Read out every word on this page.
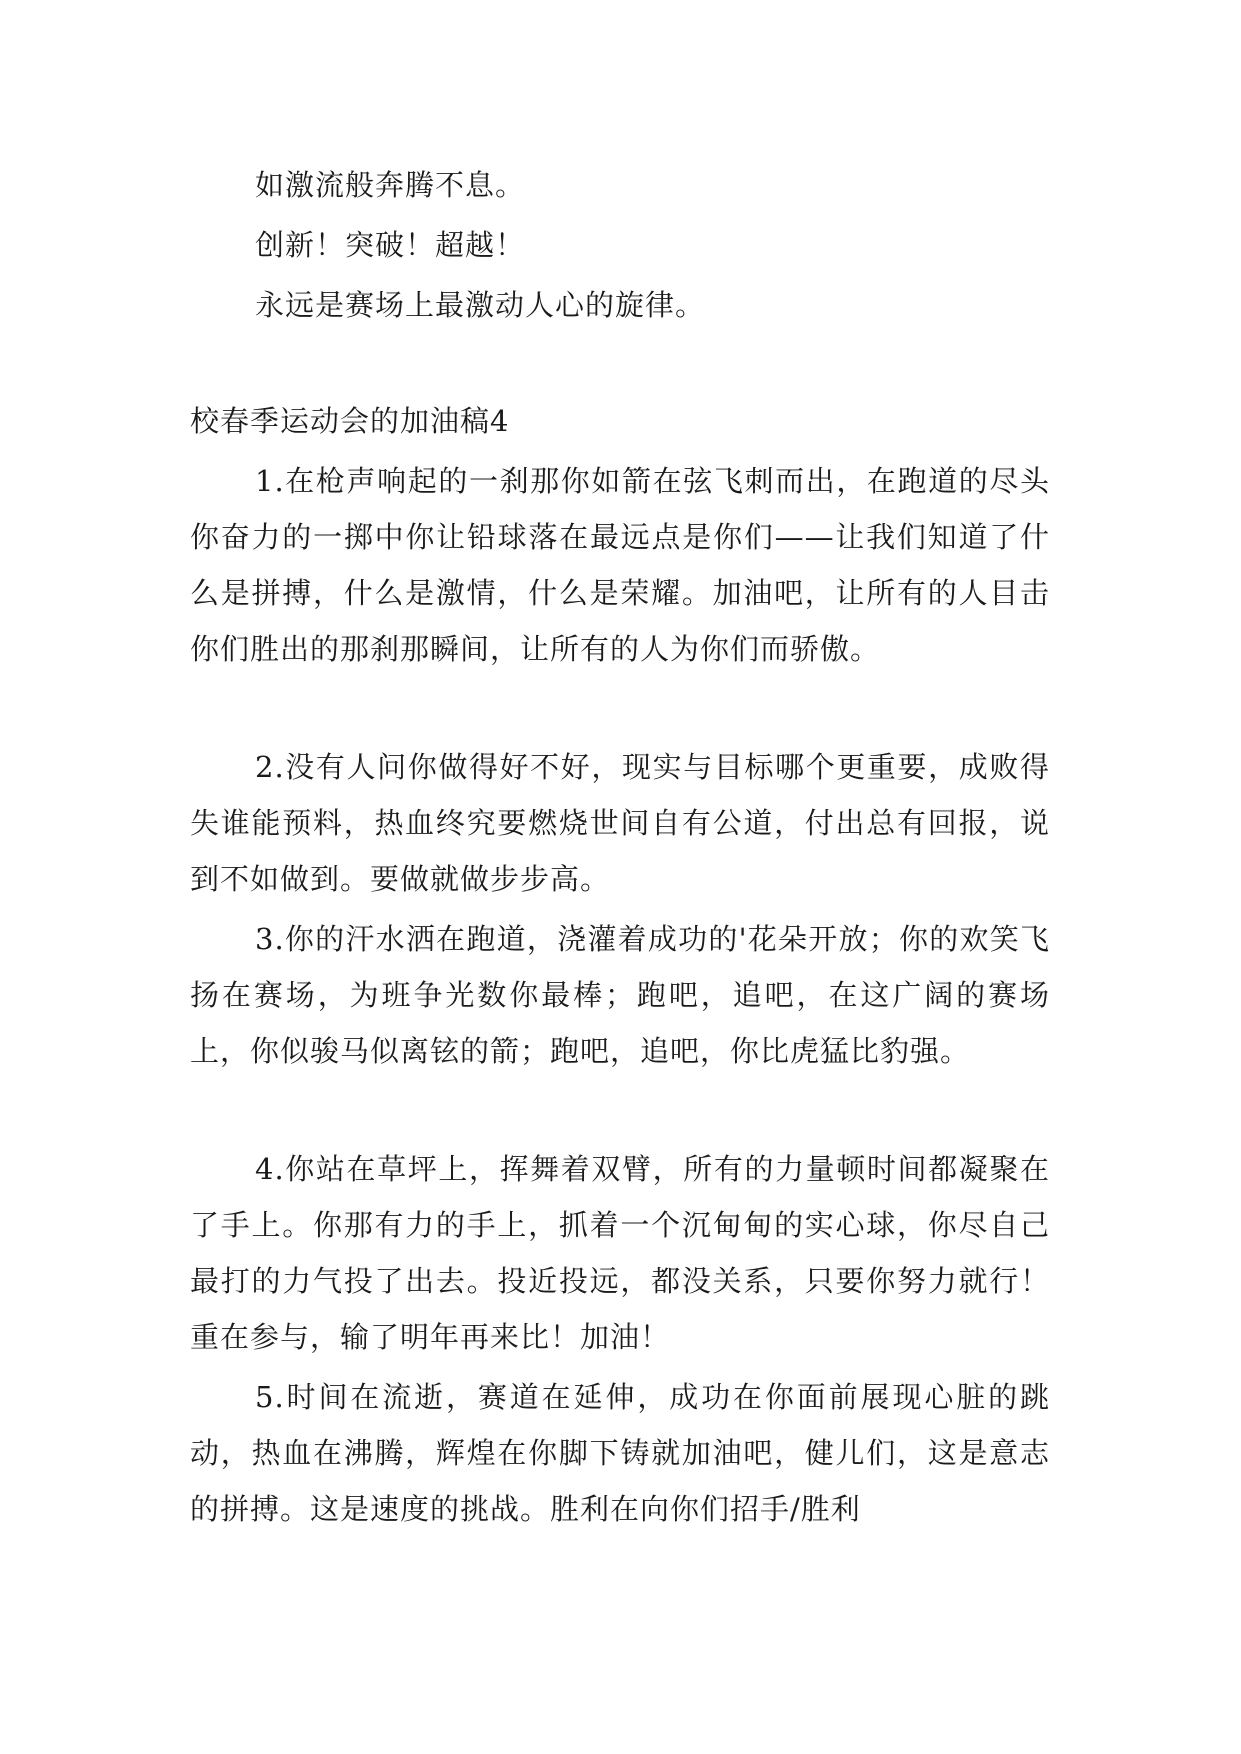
如激流般奔腾不息。
创新！突破！超越！
永远是赛场上最激动人心的旋律。
校春季运动会的加油稿4
1.在枪声响起的一刹那你如箭在弦飞刺而出，在跑道的尽头你奋力的一掷中你让铅球落在最远点是你们——让我们知道了什么是拼搏，什么是激情，什么是荣耀。加油吧，让所有的人目击你们胜出的那刹那瞬间，让所有的人为你们而骄傲。
2.没有人问你做得好不好，现实与目标哪个更重要，成败得失谁能预料，热血终究要燃烧世间自有公道，付出总有回报，说到不如做到。要做就做步步高。
3.你的汗水洒在跑道，浇灌着成功的'花朵开放；你的欢笑飞扬在赛场，为班争光数你最棒；跑吧，追吧，在这广阔的赛场上，你似骏马似离铉的箭；跑吧，追吧，你比虎猛比豹强。
4.你站在草坪上，挥舞着双臂，所有的力量顿时间都凝聚在了手上。你那有力的手上，抓着一个沉甸甸的实心球，你尽自己最打的力气投了出去。投近投远，都没关系，只要你努力就行！重在参与，输了明年再来比！加油！
5.时间在流逝，赛道在延伸，成功在你面前展现心脏的跳动，热血在沸腾，辉煌在你脚下铸就加油吧，健儿们，这是意志的拼搏。这是速度的挑战。胜利在向你们招手/胜利
